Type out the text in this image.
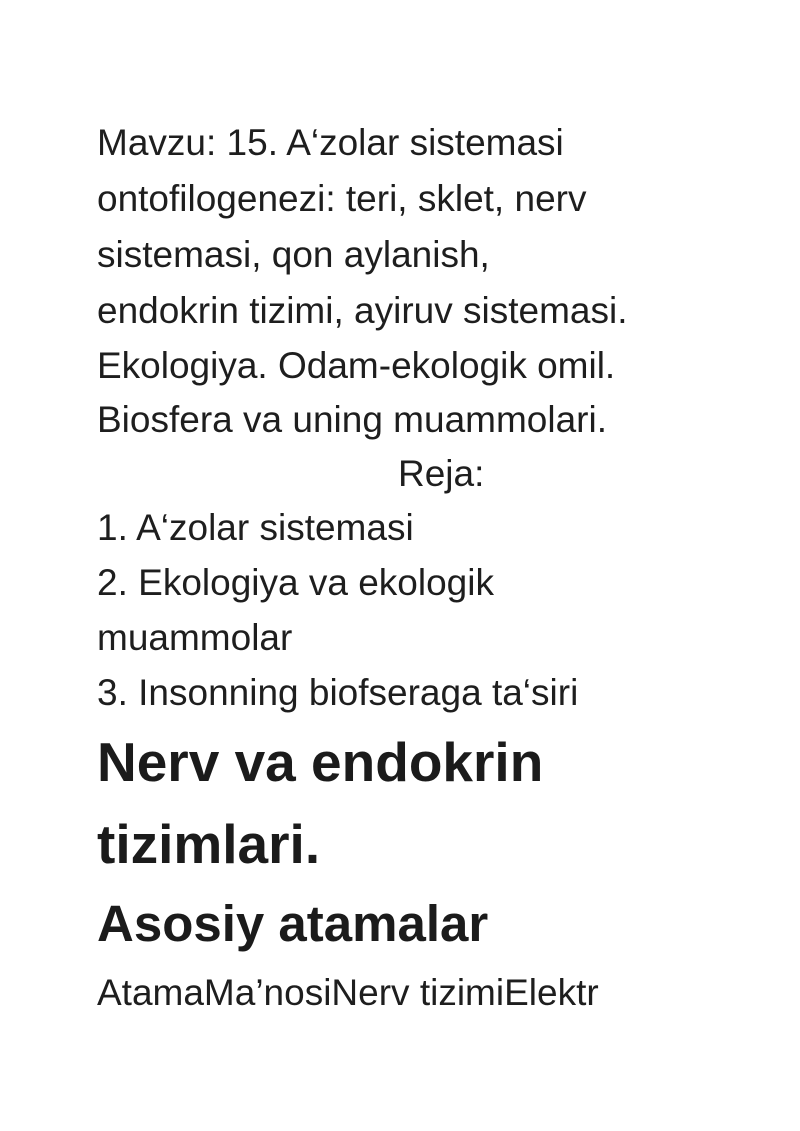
Mavzu: 15. A‘zolar sistemasi
ontofilogenezi: teri, sklet, nerv
sistemasi, qon aylanish,
endokrin tizimi, ayiruv sistemasi.
Ekologiya. Odam-ekologik omil.
Biosfera va uning muammolari.
Reja:
1. A‘zolar sistemasi
2. Ekologiya va ekologik
muammolar
3. Insonning biofseraga ta‘siri
Nerv va endokrin
tizimlari.
Asosiy atamalar
AtamaMa’nosiNerv tizimiElektr
